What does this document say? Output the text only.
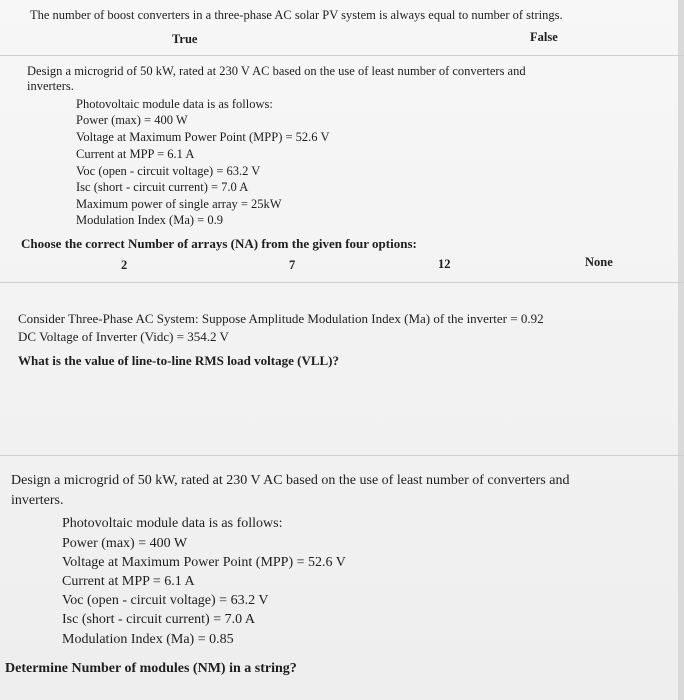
The number of boost converters in a three-phase AC solar PV system is always equal to number of strings.
True	False
Design a microgrid of 50 kW, rated at 230 V AC based on the use of least number of converters and
inverters.
Photovoltaic module data is as follows:
Power (max) = 400 W
Voltage at Maximum Power Point (MPP) = 52.6 V
Current at MPP = 6.1 A
Voc (open - circuit voltage) = 63.2 V
Isc (short - circuit current) = 7.0 A
Maximum power of single array = 25kW
Modulation Index (Ma) = 0.9
Choose the correct Number of arrays (NA) from the given four options:
2	7	12	None
Consider Three-Phase AC System: Suppose Amplitude Modulation Index (Ma) of the inverter = 0.92
DC Voltage of Inverter (Vidc) = 354.2 V
What is the value of line-to-line RMS load voltage (VLL)?
Design a microgrid of 50 kW, rated at 230 V AC based on the use of least number of converters and
inverters.
Photovoltaic module data is as follows:
Power (max) = 400 W
Voltage at Maximum Power Point (MPP) = 52.6 V
Current at MPP = 6.1 A
Voc (open - circuit voltage) = 63.2 V
Isc (short - circuit current) = 7.0 A
Modulation Index (Ma) = 0.85
Determine Number of modules (NM) in a string?
